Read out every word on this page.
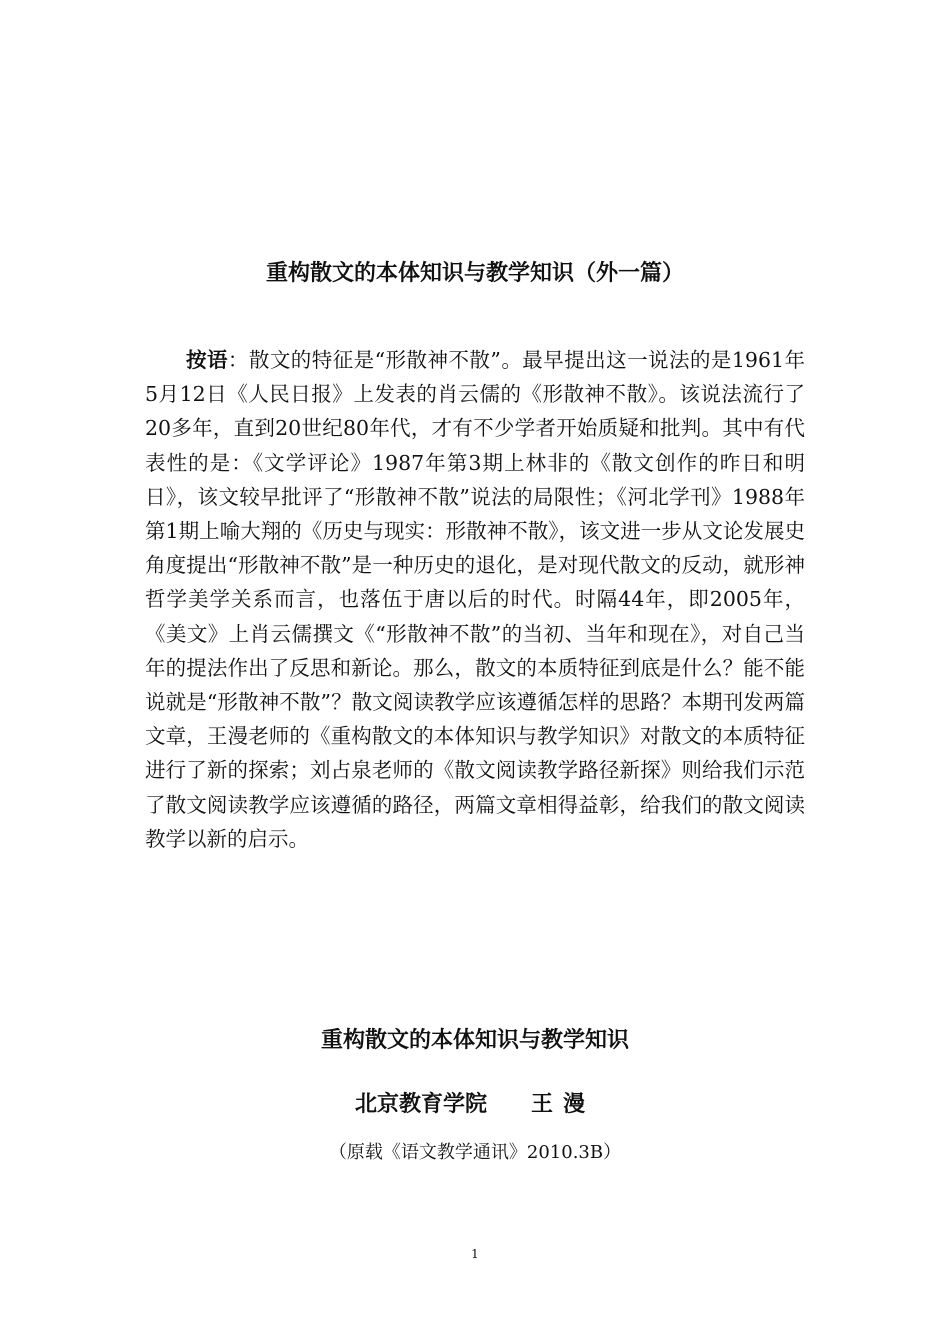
重构散文的本体知识与教学知识（外一篇）

按语：散文的特征是“形散神不散”。最早提出这一说法的是1961年5月12日《人民日报》上发表的肖云儒的《形散神不散》。该说法流行了20多年，直到20世纪80年代，才有不少学者开始质疑和批判。其中有代表性的是：《文学评论》1987年第3期上林非的《散文创作的昨日和明日》，该文较早批评了“形散神不散”说法的局限性；《河北学刊》1988年第1期上喻大翔的《历史与现实：形散神不散》，该文进一步从文论发展史角度提出“形散神不散”是一种历史的退化，是对现代散文的反动，就形神哲学美学关系而言，也落伍于唐以后的时代。时隔44年，即2005年，《美文》上肖云儒撰文《“形散神不散”的当初、当年和现在》，对自己当年的提法作出了反思和新论。那么，散文的本质特征到底是什么？能不能说就是“形散神不散”？散文阅读教学应该遵循怎样的思路？本期刊发两篇文章，王漫老师的《重构散文的本体知识与教学知识》对散文的本质特征进行了新的探索；刘占泉老师的《散文阅读教学路径新探》则给我们示范了散文阅读教学应该遵循的路径，两篇文章相得益彰，给我们的散文阅读教学以新的启示。

重构散文的本体知识与教学知识
北京教育学院 王漫
（原载《语文教学通讯》2010.3B）
1
